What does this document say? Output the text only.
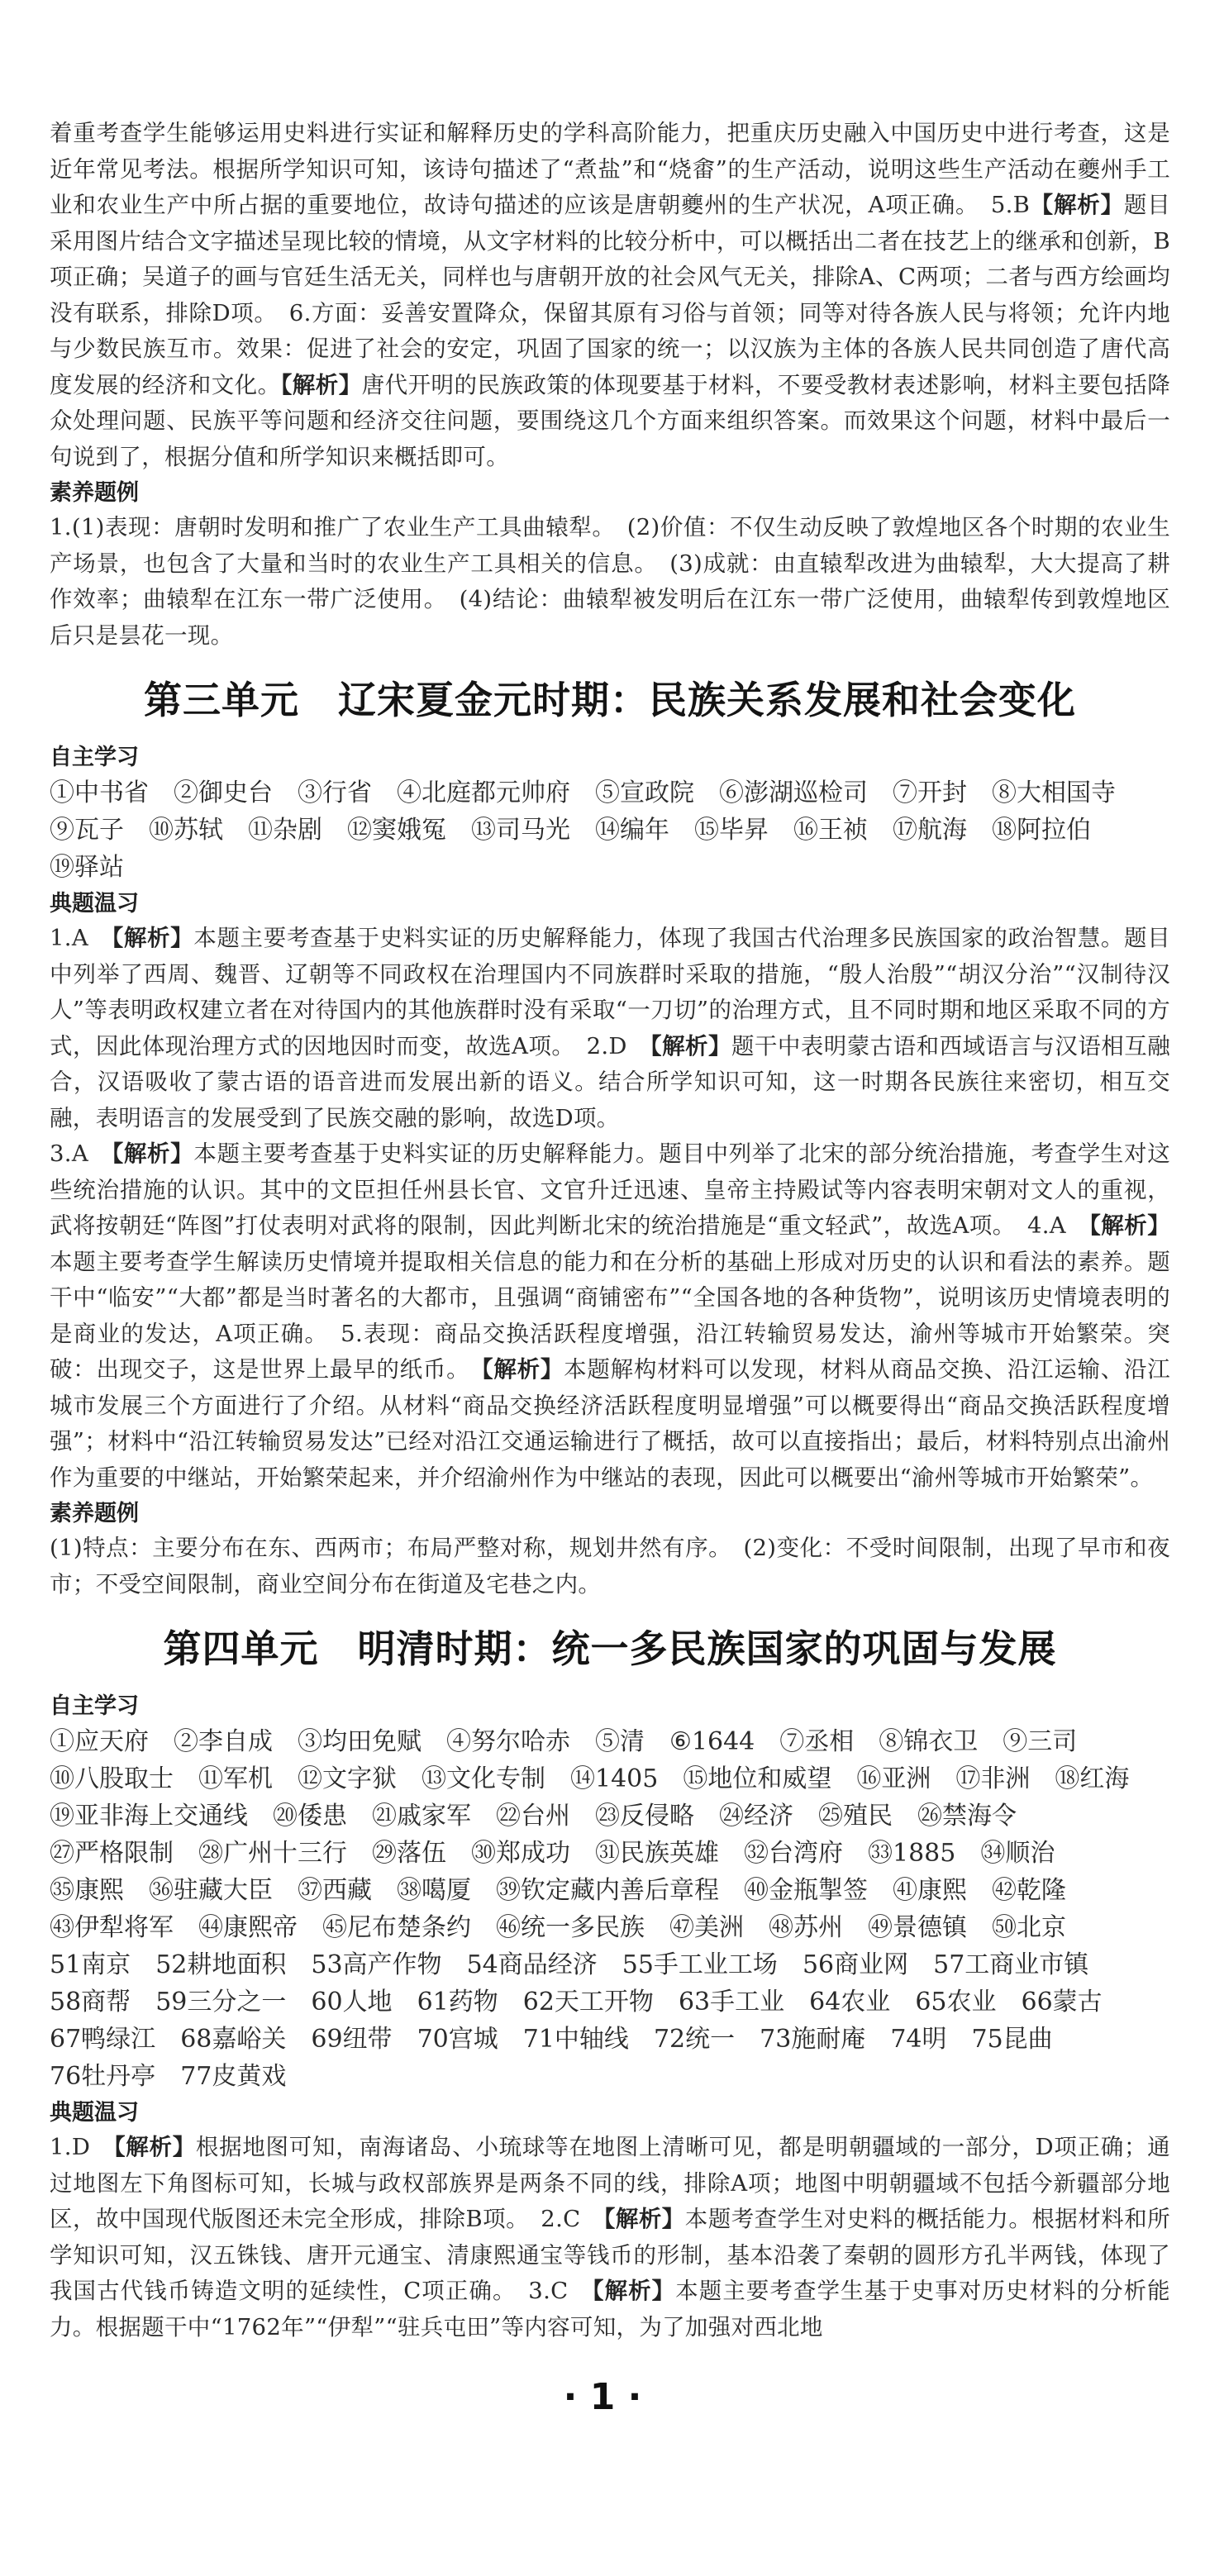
着重考查学生能够运用史料进行实证和解释历史的学科高阶能力，把重庆历史融入中国历史中进行考查，这是近年常见考法。根据所学知识可知，该诗句描述了“煮盐”和“烧畬”的生产活动，说明这些生产活动在夔州手工业和农业生产中所占据的重要地位，故诗句描述的应该是唐朝夔州的生产状况，A项正确。　5.B【解析】题目采用图片结合文字描述呈现比较的情境，从文字材料的比较分析中，可以概括出二者在技艺上的继承和创新，B项正确；吴道子的画与官廷生活无关，同样也与唐朝开放的社会风气无关，排除A、C两项；二者与西方绘画均没有联系，排除D项。　6.方面：妥善安置降众，保留其原有习俗与首领；同等对待各族人民与将领；允许内地与少数民族互市。效果：促进了社会的安定，巩固了国家的统一；以汉族为主体的各族人民共同创造了唐代高度发展的经济和文化。【解析】唐代开明的民族政策的体现要基于材料，不要受教材表述影响，材料主要包括降众处理问题、民族平等问题和经济交往问题，要围绕这几个方面来组织答案。而效果这个问题，材料中最后一句说到了，根据分值和所学知识来概括即可。

素养题例

1.(1)表现：唐朝时发明和推广了农业生产工具曲辕犁。　(2)价值：不仅生动反映了敦煌地区各个时期的农业生产场景，也包含了大量和当时的农业生产工具相关的信息。　(3)成就：由直辕犁改进为曲辕犁，大大提高了耕作效率；曲辕犁在江东一带广泛使用。　(4)结论：曲辕犁被发明后在江东一带广泛使用，曲辕犁传到敦煌地区后只是昙花一现。

第三单元　辽宋夏金元时期：民族关系发展和社会变化
自主学习

①中书省 ②御史台 ③行省 ④北庭都元帅府 ⑤宣政院 ⑥澎湖巡检司 ⑦开封 ⑧大相国寺⑨瓦子 ⑩苏轼 ⑪杂剧 ⑫窦娥冤 ⑬司马光 ⑭编年 ⑮毕昇 ⑯王祯 ⑰航海 ⑱阿拉伯⑲驿站

典题温习

1.A　 【解析】本题主要考查基于史料实证的历史解释能力，体现了我国古代治理多民族国家的政治智慧。题目中列举了西周、魏晋、辽朝等不同政权在治理国内不同族群时采取的措施，“殷人治殷”“胡汉分治”“汉制待汉人”等表明政权建立者在对待国内的其他族群时没有采取“一刀切”的治理方式，且不同时期和地区采取不同的方式，因此体现治理方式的因地因时而变，故选A项。　2.D　 【解析】题干中表明蒙古语和西域语言与汉语相互融合，汉语吸收了蒙古语的语音进而发展出新的语义。结合所学知识可知，这一时期各民族往来密切，相互交融，表明语言的发展受到了民族交融的影响，故选D项。

3.A　 【解析】本题主要考查基于史料实证的历史解释能力。题目中列举了北宋的部分统治措施，考查学生对这些统治措施的认识。其中的文臣担任州县长官、文官升迁迅速、皇帝主持殿试等内容表明宋朝对文人的重视，武将按朝廷“阵图”打仗表明对武将的限制，因此判断北宋的统治措施是“重文轻武”，故选A项。　4.A　 【解析】本题主要考查学生解读历史情境并提取相关信息的能力和在分析的基础上形成对历史的认识和看法的素养。题干中“临安”“大都”都是当时著名的大都市，且强调“商铺密布”“全国各地的各种货物”，说明该历史情境表明的是商业的发达，A项正确。　5.表现：商品交换活跃程度增强，沿江转输贸易发达，渝州等城市开始繁荣。突破：出现交子，这是世界上最早的纸币。　 【解析】本题解构材料可以发现，材料从商品交换、沿江运输、沿江城市发展三个方面进行了介绍。从材料“商品交换经济活跃程度明显增强”可以概要得出“商品交换活跃程度增强”；材料中“沿江转输贸易发达”已经对沿江交通运输进行了概括，故可以直接指出；最后，材料特别点出渝州作为重要的中继站，开始繁荣起来，并介绍渝州作为中继站的表现，因此可以概要出“渝州等城市开始繁荣”。

素养题例

(1)特点：主要分布在东、西两市；布局严整对称，规划井然有序。　(2)变化：不受时间限制，出现了早市和夜市；不受空间限制，商业空间分布在街道及宅巷之内。

第四单元　明清时期：统一多民族国家的巩固与发展
自主学习

①应天府 ②李自成 ③均田免赋 ④努尔哈赤 ⑤清 ⑥1644 ⑦丞相 ⑧锦衣卫 ⑨三司⑩八股取士 ⑪军机 ⑫文字狱 ⑬文化专制 ⑭1405 ⑮地位和威望 ⑯亚洲 ⑰非洲 ⑱红海⑲亚非海上交通线 ⑳倭患 ㉑戚家军 ㉒台州 ㉓反侵略 ㉔经济 ㉕殖民 ㉖禁海令㉗严格限制 ㉘广州十三行 ㉙落伍 ㉚郑成功 ㉛民族英雄 ㉜台湾府 ㉝1885 ㉞顺治㉟康熙 ㊱驻藏大臣 ㊲西藏 ㊳噶厦 ㊴钦定藏内善后章程 ㊵金瓶掣签 ㊶康熙 ㊷乾隆㊸伊犁将军 ㊹康熙帝 ㊺尼布楚条约 ㊻统一多民族 ㊼美洲 ㊽苏州 ㊾景德镇 ㊿北京51南京 52耕地面积 53高产作物 54商品经济 55手工业工场 56商业网 57工商业市镇58商帮 59三分之一 60人地 61药物 62天工开物 63手工业 64农业 65农业 66蒙古67鸭绿江 68嘉峪关 69纽带 70宫城 71中轴线 72统一 73施耐庵 74明 75昆曲76牡丹亭 77皮黄戏

典题温习

1.D　 【解析】根据地图可知，南海诸岛、小琉球等在地图上清晰可见，都是明朝疆域的一部分，D项正确；通过地图左下角图标可知，长城与政权部族界是两条不同的线，排除A项；地图中明朝疆域不包括今新疆部分地区，故中国现代版图还未完全形成，排除B项。　2.C　 【解析】本题考查学生对史料的概括能力。根据材料和所学知识可知，汉五铢钱、唐开元通宝、清康熙通宝等钱币的形制，基本沿袭了秦朝的圆形方孔半两钱，体现了我国古代钱币铸造文明的延续性，C项正确。　3.C　 【解析】本题主要考查学生基于史事对历史材料的分析能力。根据题干中“1762年”“伊犁”“驻兵屯田”等内容可知，为了加强对西北地

· 1 ·
